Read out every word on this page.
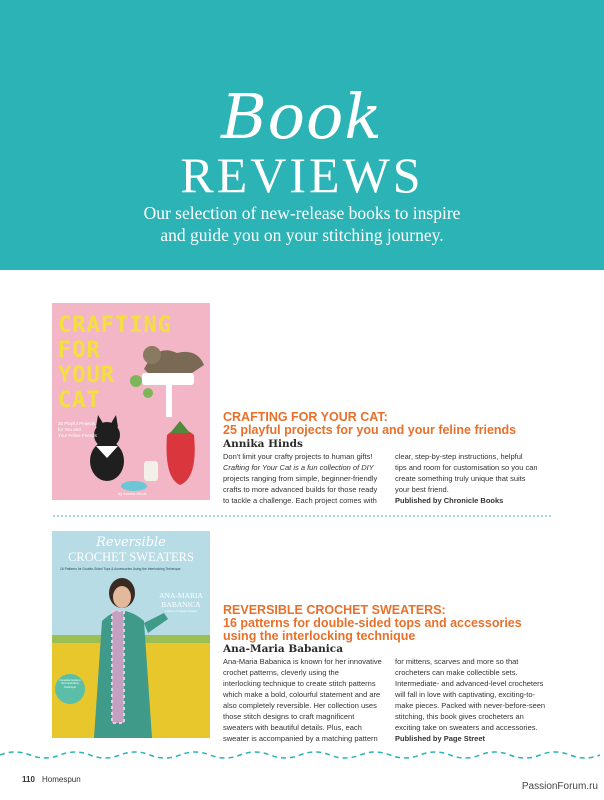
Book
REVIEWS
Our selection of new-release books to inspire
and guide you on your stitching journey.
CRAFTING
FOR
YOUR
CAT
25 Playful Projects
for You and
Your Feline Friends
by Annika Hinds
CRAFTING FOR YOUR CAT:
25 playful projects for you and your feline friends
Annika Hinds
Don't limit your crafty projects to human gifts!
Crafting for Your Cat is a fun collection of DIY
projects ranging from simple, beginner-friendly
crafts to more advanced builds for those ready
to tackle a challenge. Each project comes with
clear, step-by-step instructions, helpful
tips and room for customisation so you can
create something truly unique that suits
your best friend.
Published by Chronicle Books
Reversible
CROCHET SWEATERS
16 Patterns for Double-Sided Tops & Accessories Using the Interlocking Technique
ANA-MARIA
BABANICA
Creator of Leanna Designs
Complete Guide to the Interlocking Technique
REVERSIBLE CROCHET SWEATERS:
16 patterns for double-sided tops and accessories
using the interlocking technique
Ana-Maria Babanica
Ana-Maria Babanica is known for her innovative
crochet patterns, cleverly using the
interlocking technique to create stitch patterns
which make a bold, colourful statement and are
also completely reversible. Her collection uses
those stitch designs to craft magnificent
sweaters with beautiful details. Plus, each
sweater is accompanied by a matching pattern
for mittens, scarves and more so that
crocheters can make collectible sets.
Intermediate- and advanced-level crocheters
will fall in love with captivating, exciting-to-
make pieces. Packed with never-before-seen
stitching, this book gives crocheters an
exciting take on sweaters and accessories.
Published by Page Street
110 Homespun
PassionForum.ru
